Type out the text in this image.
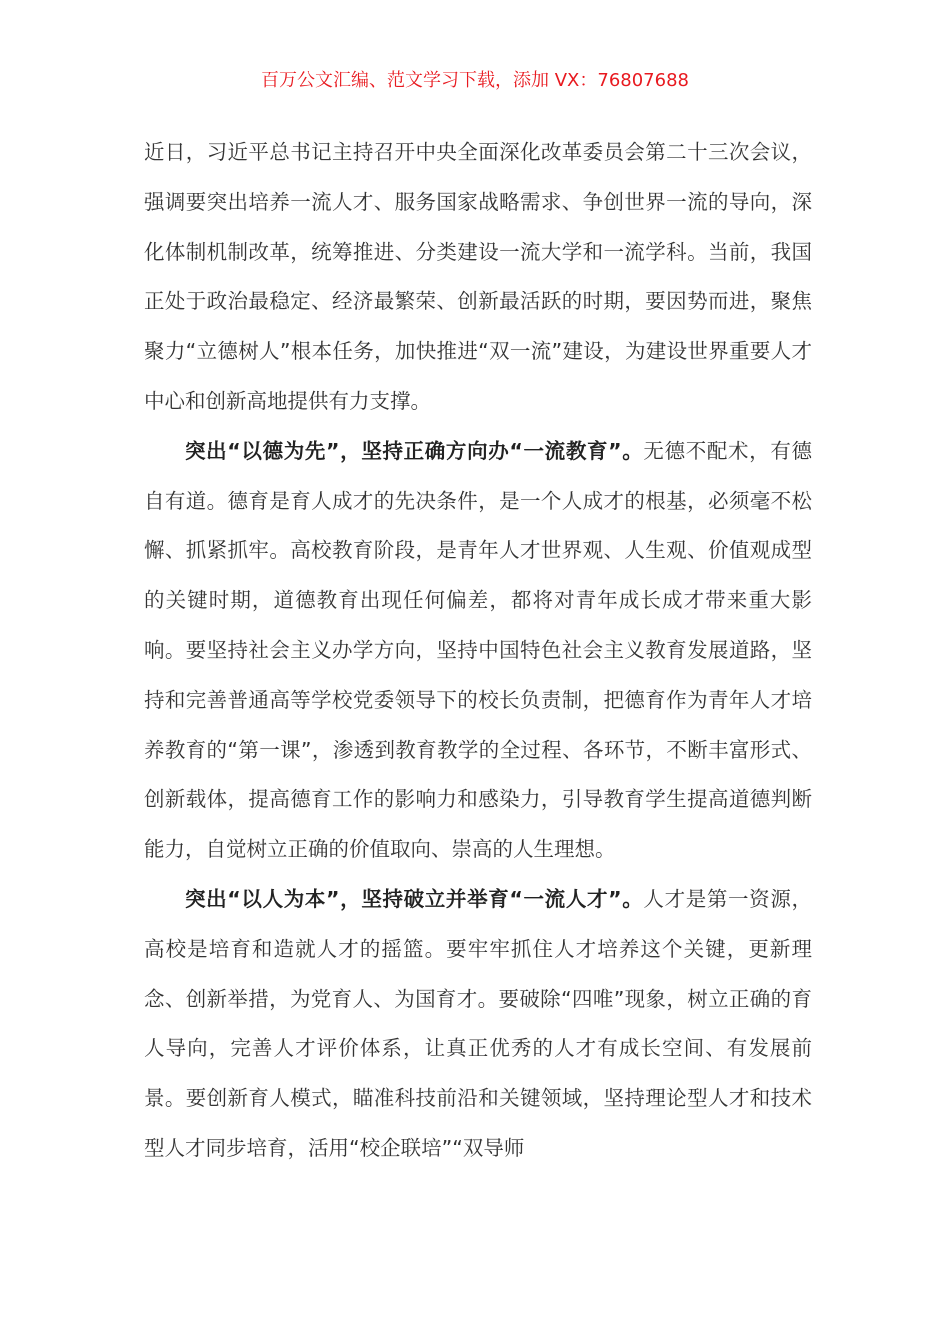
百万公文汇编、范文学习下载，添加 VX：76807688

近日，习近平总书记主持召开中央全面深化改革委员会第二十三次会议，强调要突出培养一流人才、服务国家战略需求、争创世界一流的导向，深化体制机制改革，统筹推进、分类建设一流大学和一流学科。当前，我国正处于政治最稳定、经济最繁荣、创新最活跃的时期，要因势而进，聚焦聚力“立德树人”根本任务，加快推进“双一流”建设，为建设世界重要人才中心和创新高地提供有力支撑。

突出“以德为先”，坚持正确方向办“一流教育”。无德不配术，有德自有道。德育是育人成才的先决条件，是一个人成才的根基，必须毫不松懈、抓紧抓牢。高校教育阶段，是青年人才世界观、人生观、价值观成型的关键时期，道德教育出现任何偏差，都将对青年成长成才带来重大影响。要坚持社会主义办学方向，坚持中国特色社会主义教育发展道路，坚持和完善普通高等学校党委领导下的校长负责制，把德育作为青年人才培养教育的“第一课”，渗透到教育教学的全过程、各环节，不断丰富形式、创新载体，提高德育工作的影响力和感染力，引导教育学生提高道德判断能力，自觉树立正确的价值取向、崇高的人生理想。

突出“以人为本”，坚持破立并举育“一流人才”。人才是第一资源，高校是培育和造就人才的摇篮。要牢牢抓住人才培养这个关键，更新理念、创新举措，为党育人、为国育才。要破除“四唯”现象，树立正确的育人导向，完善人才评价体系，让真正优秀的人才有成长空间、有发展前景。要创新育人模式，瞄准科技前沿和关键领域，坚持理论型人才和技术型人才同步培育，活用“校企联培”“双导师
